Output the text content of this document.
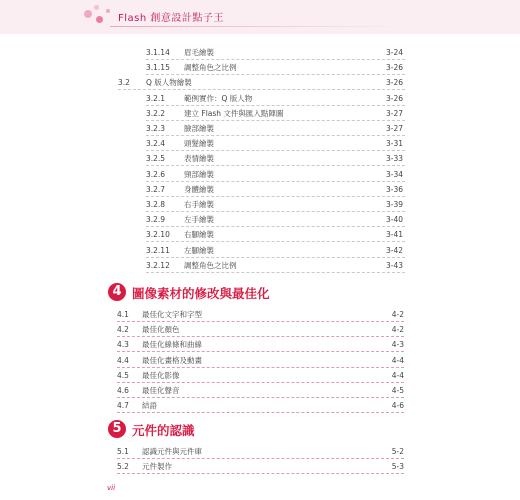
Flash 創意設計點子王
3.1.14 眉毛繪製	3-24
3.1.15 調整角色之比例	3-26
3.2 Q 版人物繪製	3-26
3.2.1	範例實作：Q 版人物	3-26
3.2.2	建立 Flash 文件與匯入點陣圖	3-27
3.2.3	臉部繪製	3-27
3.2.4	頭髮繪製	3-31
3.2.5	表情繪製	3-33
3.2.6	頸部繪製	3-34
3.2.7	身體繪製	3-36
3.2.8	右手繪製	3-39
3.2.9	左手繪製	3-40
3.2.10 右腳繪製	3-41
3.2.11 左腳繪製	3-42
3.2.12 調整角色之比例	3-43
4 圖像素材的修改與最佳化
4.1 最佳化文字和字型	4-2
4.2 最佳化顏色	4-2
4.3 最佳化線條和曲線	4-3
4.4 最佳化畫格及動畫	4-4
4.5 最佳化影像	4-4
4.6 最佳化聲音	4-5
4.7 結語	4-6
5 元件的認識
5.1 認識元件與元件庫	5-2
5.2 元件製作	5-3
vii
